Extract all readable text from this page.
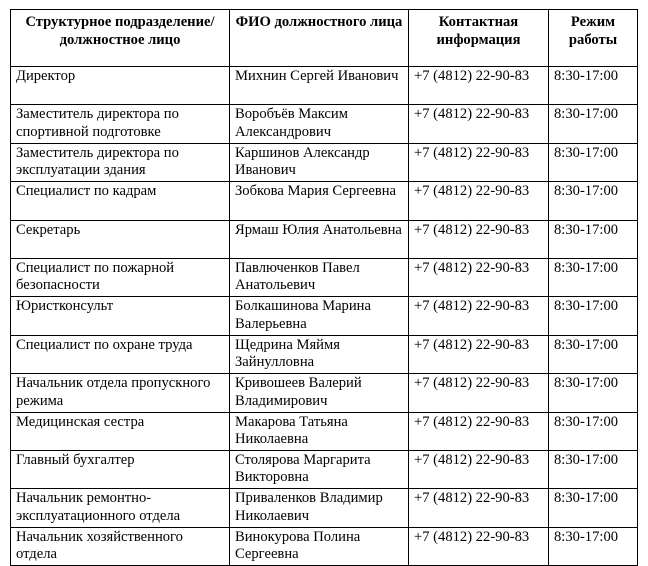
Структурное подразделение/должностное лицо	ФИО должностного лица	Контактная информация	Режим работы
Директор	Михнин Сергей Иванович	+7 (4812) 22-90-83	8:30-17:00
Заместитель директора по спортивной подготовке	Воробъёв Максим Александрович	+7 (4812) 22-90-83	8:30-17:00
Заместитель директора по эксплуатации здания	Каршинов Александр Иванович	+7 (4812) 22-90-83	8:30-17:00
Специалист по кадрам	Зобкова Мария Сергеевна	+7 (4812) 22-90-83	8:30-17:00
Секретарь	Ярмаш Юлия Анатольевна	+7 (4812) 22-90-83	8:30-17:00
Специалист по пожарной безопасности	Павлюченков Павел Анатольевич	+7 (4812) 22-90-83	8:30-17:00
Юристконсульт	Болкашинова Марина Валерьевна	+7 (4812) 22-90-83	8:30-17:00
Специалист по охране труда	Щедрина Мяймя Зайнулловна	+7 (4812) 22-90-83	8:30-17:00
Начальник отдела пропускного режима	Кривошеев Валерий Владимирович	+7 (4812) 22-90-83	8:30-17:00
Медицинская сестра	Макарова Татьяна Николаевна	+7 (4812) 22-90-83	8:30-17:00
Главный бухгалтер	Столярова Маргарита Викторовна	+7 (4812) 22-90-83	8:30-17:00
Начальник ремонтно-эксплуатационного отдела	Приваленков Владимир Николаевич	+7 (4812) 22-90-83	8:30-17:00
Начальник хозяйственного отдела	Винокурова Полина Сергеевна	+7 (4812) 22-90-83	8:30-17:00
